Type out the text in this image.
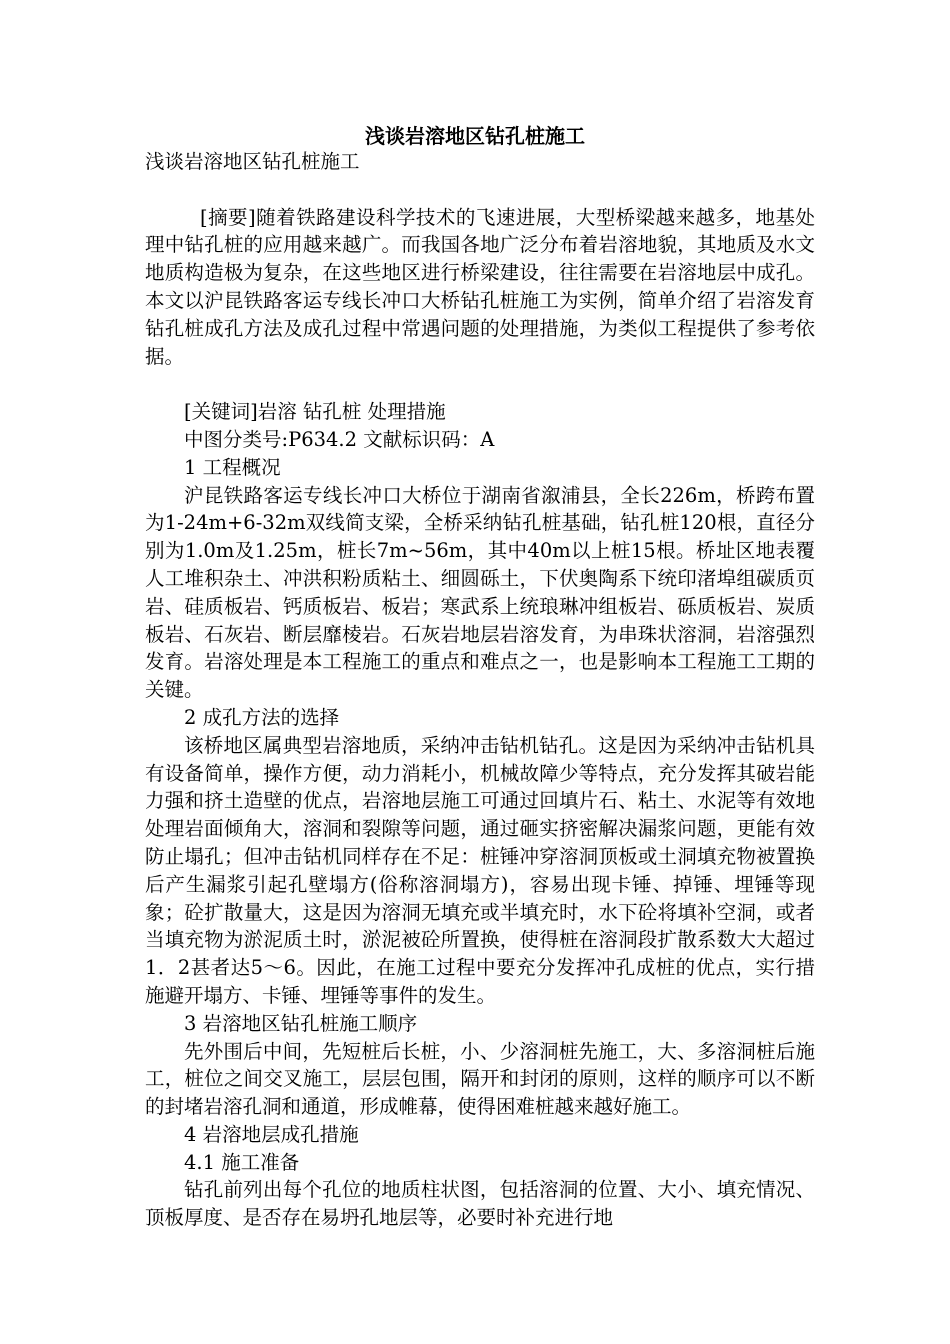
浅谈岩溶地区钻孔桩施工

浅谈岩溶地区钻孔桩施工

[摘要]随着铁路建设科学技术的飞速进展，大型桥梁越来越多，地基处理中钻孔桩的应用越来越广。而我国各地广泛分布着岩溶地貌，其地质及水文地质构造极为复杂，在这些地区进行桥梁建设，往往需要在岩溶地层中成孔。本文以沪昆铁路客运专线长冲口大桥钻孔桩施工为实例，简单介绍了岩溶发育钻孔桩成孔方法及成孔过程中常遇问题的处理措施，为类似工程提供了参考依据。

[关键词]岩溶 钻孔桩 处理措施

中图分类号:P634.2 文献标识码：A

1 工程概况

沪昆铁路客运专线长冲口大桥位于湖南省溆浦县，全长226m，桥跨布置为1-24m+6-32m双线简支梁，全桥采纳钻孔桩基础，钻孔桩120根，直径分别为1.0m及1.25m，桩长7m~56m，其中40m以上桩15根。桥址区地表覆人工堆积杂土、冲洪积粉质粘土、细圆砾土，下伏奥陶系下统印渚埠组碳质页岩、硅质板岩、钙质板岩、板岩；寒武系上统琅琳冲组板岩、砾质板岩、炭质板岩、石灰岩、断层靡棱岩。石灰岩地层岩溶发育，为串珠状溶洞，岩溶强烈发育。岩溶处理是本工程施工的重点和难点之一，也是影响本工程施工工期的关键。

2 成孔方法的选择

该桥地区属典型岩溶地质，采纳冲击钻机钻孔。这是因为采纳冲击钻机具有设备简单，操作方便，动力消耗小，机械故障少等特点，充分发挥其破岩能力强和挤土造壁的优点，岩溶地层施工可通过回填片石、粘土、水泥等有效地处理岩面倾角大，溶洞和裂隙等问题，通过砸实挤密解决漏浆问题，更能有效防止塌孔；但冲击钻机同样存在不足：桩锤冲穿溶洞顶板或土洞填充物被置换后产生漏浆引起孔壁塌方(俗称溶洞塌方)，容易出现卡锤、掉锤、埋锤等现象；砼扩散量大，这是因为溶洞无填充或半填充时，水下砼将填补空洞，或者当填充物为淤泥质土时，淤泥被砼所置换，使得桩在溶洞段扩散系数大大超过1．2甚者达5～6。因此，在施工过程中要充分发挥冲孔成桩的优点，实行措施避开塌方、卡锤、埋锤等事件的发生。

3 岩溶地区钻孔桩施工顺序

先外围后中间，先短桩后长桩，小、少溶洞桩先施工，大、多溶洞桩后施工，桩位之间交叉施工，层层包围，隔开和封闭的原则，这样的顺序可以不断的封堵岩溶孔洞和通道，形成帷幕，使得困难桩越来越好施工。

4 岩溶地层成孔措施

4.1 施工准备

钻孔前列出每个孔位的地质柱状图，包括溶洞的位置、大小、填充情况、顶板厚度、是否存在易坍孔地层等，必要时补充进行地
